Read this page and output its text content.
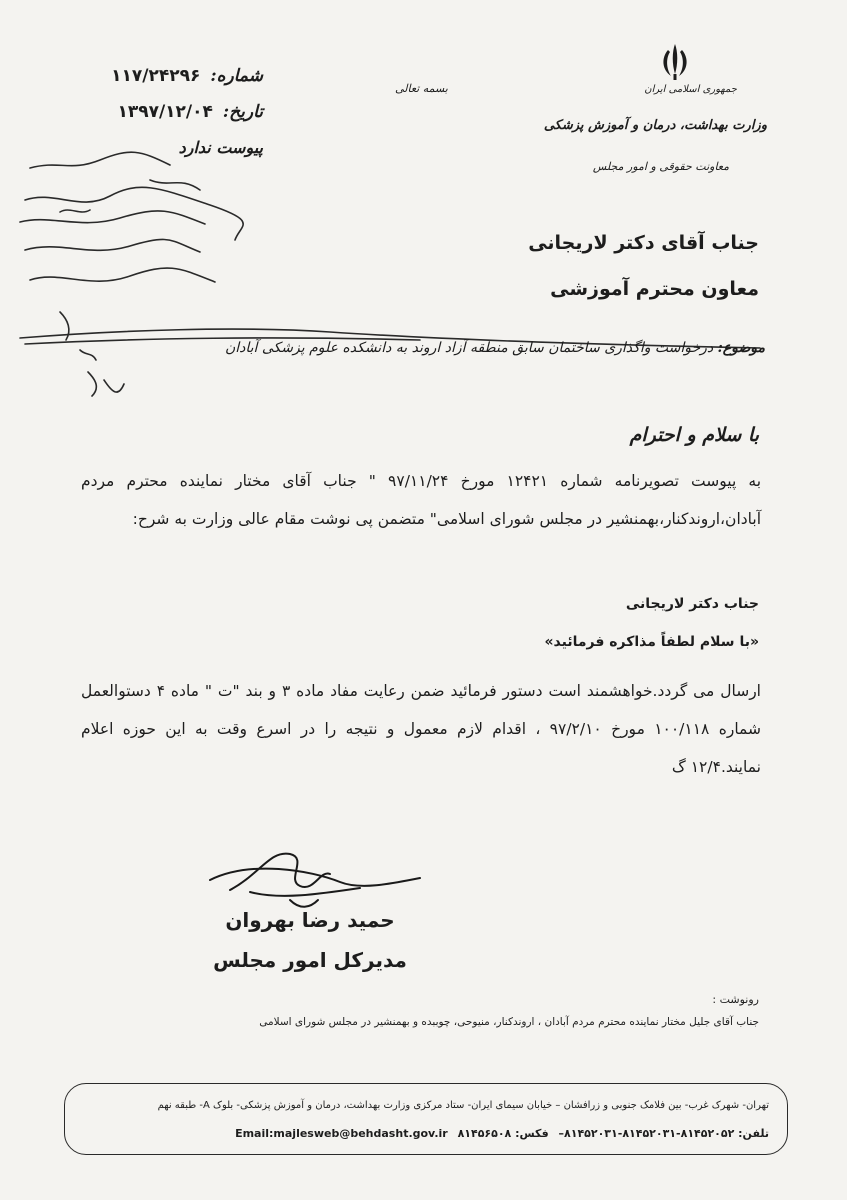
جمهوری اسلامی ایران
وزارت بهداشت، درمان و آموزش پزشکی
معاونت حقوقی و امور مجلس
بسمه تعالی
شماره:
۱۱۷/۲۴۲۹۶
تاریخ:
۱۳۹۷/۱۲/۰۴
پیوست ندارد
جناب آقای دکتر لاریجانی
معاون محترم آموزشی
موضوع: درخواست واگذاری ساختمان سابق منطقه آزاد اروند به دانشکده علوم پزشکی آبادان
با سلام و احترام
به پیوست تصویرنامه شماره ۱۲۴۲۱ مورخ ۹۷/۱۱/۲۴ " جناب آقای مختار نماینده محترم مردم آبادان،اروندکنار،بهمنشیر در مجلس شورای اسلامی" متضمن پی نوشت مقام عالی وزارت به شرح:
جناب دکتر لاریجانی
«با سلام لطفاً مذاکره فرمائید»
ارسال می گردد.خواهشمند است دستور فرمائید ضمن رعایت مفاد ماده ۳ و بند "ت " ماده ۴ دستوالعمل شماره ۱۰۰/۱۱۸ مورخ ۹۷/۲/۱۰ ، اقدام لازم معمول و نتیجه را در اسرع وقت به این حوزه اعلام نمایند.۱۲/۴ گ
حمید رضا بهروان
مدیرکل امور مجلس
رونوشت :
جناب آقای جلیل مختار نماینده محترم مردم آبادان ، اروندکنار، منیوحی، چوببده و بهمنشیر در مجلس شورای اسلامی
تهران- شهرک غرب- بین فلامک جنوبی و زرافشان – خیابان سیمای ایران- ستاد مرکزی وزارت بهداشت، درمان و آموزش پزشکی- بلوک A- طبقه نهم
تلفن: ۸۱۴۵۲۰۵۲-۸۱۴۵۲۰۳۱-۸۱۴۵۲۰۳۱– فکس: ۸۱۴۵۶۵۰۸ Email:majlesweb@behdasht.gov.ir
